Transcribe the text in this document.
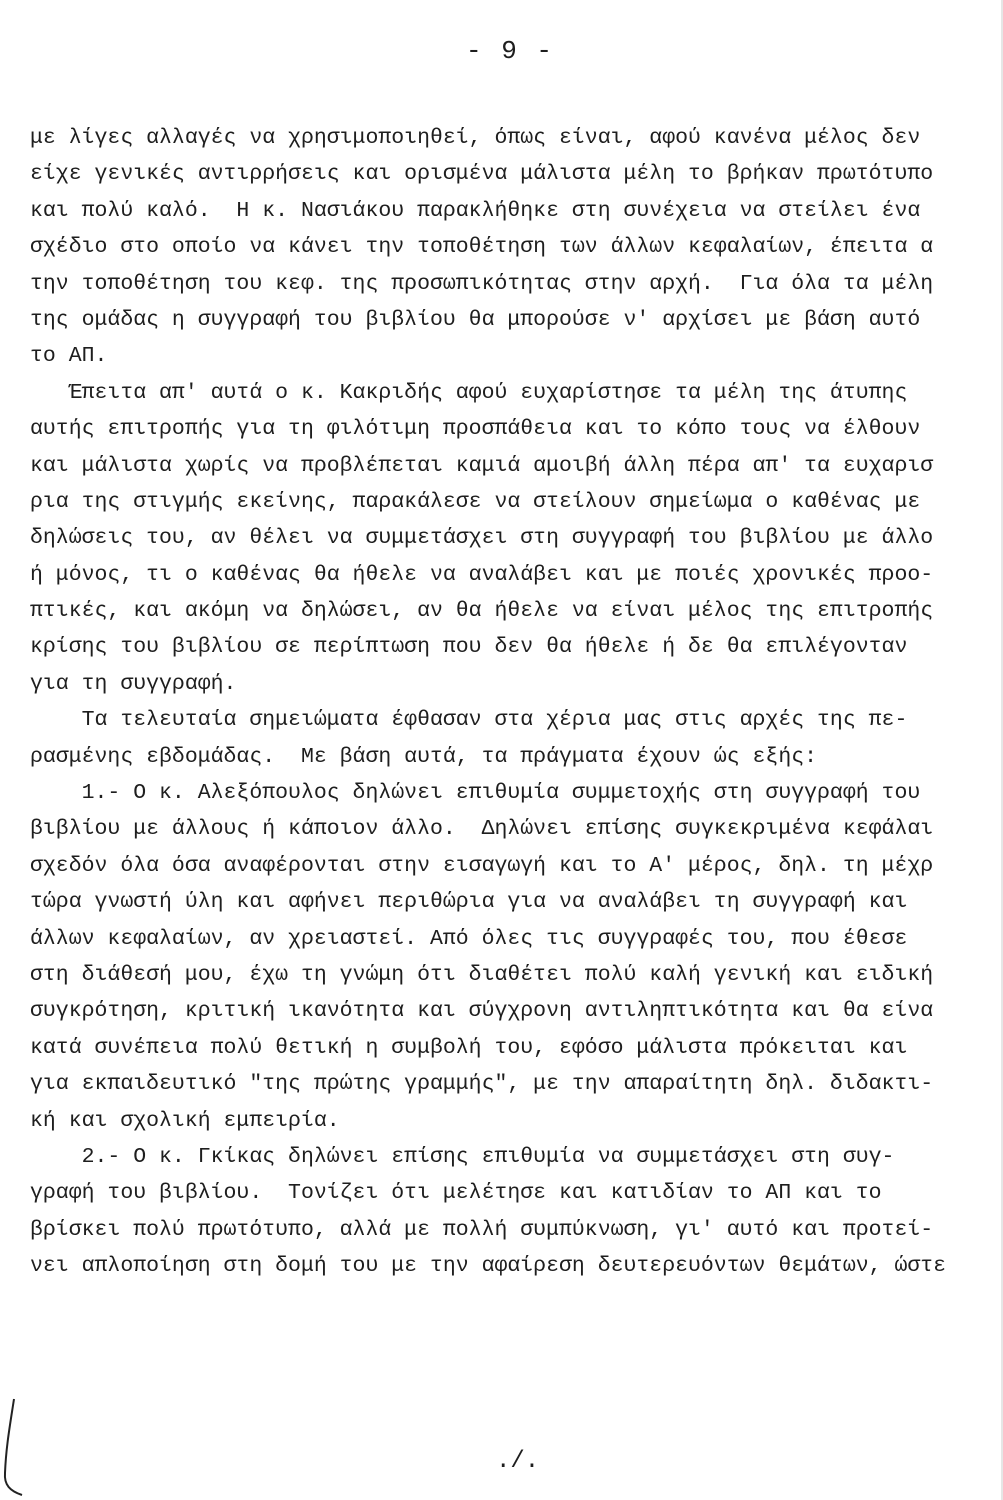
- 9 -
με λίγες αλλαγές να χρησιμοποιηθεί, όπως είναι, αφού κανένα μέλος δεν
είχε γενικές αντιρρήσεις και ορισμένα μάλιστα μέλη το βρήκαν πρωτότυπο
και πολύ καλό.  Η κ. Νασιάκου παρακλήθηκε στη συνέχεια να στείλει ένα
σχέδιο στο οποίο να κάνει την τοποθέτηση των άλλων κεφαλαίων, έπειτα α
την τοποθέτηση του κεφ. της προσωπικότητας στην αρχή.  Για όλα τα μέλη
της ομάδας η συγγραφή του βιβλίου θα μπορούσε ν' αρχίσει με βάση αυτό
το ΑΠ.
Έπειτα απ' αυτά ο κ. Κακριδής αφού ευχαρίστησε τα μέλη της άτυπης
αυτής επιτροπής για τη φιλότιμη προσπάθεια και το κόπο τους να έλθουν
και μάλιστα χωρίς να προβλέπεται καμιά αμοιβή άλλη πέρα απ' τα ευχαρισ
ρια της στιγμής εκείνης, παρακάλεσε να στείλουν σημείωμα ο καθένας με
δηλώσεις του, αν θέλει να συμμετάσχει στη συγγραφή του βιβλίου με άλλο
ή μόνος, τι ο καθένας θα ήθελε να αναλάβει και με ποιές χρονικές προο-
πτικές, και ακόμη να δηλώσει, αν θα ήθελε να είναι μέλος της επιτροπής
κρίσης του βιβλίου σε περίπτωση που δεν θα ήθελε ή δε θα επιλέγονταν
για τη συγγραφή.
Τα τελευταία σημειώματα έφθασαν στα χέρια μας στις αρχές της πε-
ρασμένης εβδομάδας.  Με βάση αυτά, τα πράγματα έχουν ώς εξής:
1.- Ο κ. Αλεξόπουλος δηλώνει επιθυμία συμμετοχής στη συγγραφή του
βιβλίου με άλλους ή κάποιον άλλο.  Δηλώνει επίσης συγκεκριμένα κεφάλαι
σχεδόν όλα όσα αναφέρονται στην εισαγωγή και το Α' μέρος, δηλ. τη μέχρ
τώρα γνωστή ύλη και αφήνει περιθώρια για να αναλάβει τη συγγραφή και
άλλων κεφαλαίων, αν χρειαστεί. Από όλες τις συγγραφές του, που έθεσε
στη διάθεσή μου, έχω τη γνώμη ότι διαθέτει πολύ καλή γενική και ειδική
συγκρότηση, κριτική ικανότητα και σύγχρονη αντιληπτικότητα και θα είνα
κατά συνέπεια πολύ θετική η συμβολή του, εφόσο μάλιστα πρόκειται και
για εκπαιδευτικό "της πρώτης γραμμής", με την απαραίτητη δηλ. διδακτι-
κή και σχολική εμπειρία.
2.- Ο κ. Γκίκας δηλώνει επίσης επιθυμία να συμμετάσχει στη συγ-
γραφή του βιβλίου.  Τονίζει ότι μελέτησε και κατιδίαν το ΑΠ και το
βρίσκει πολύ πρωτότυπο, αλλά με πολλή συμπύκνωση, γι' αυτό και προτεί-
νει απλοποίηση στη δομή του με την αφαίρεση δευτερευόντων θεμάτων, ώστε
./.
